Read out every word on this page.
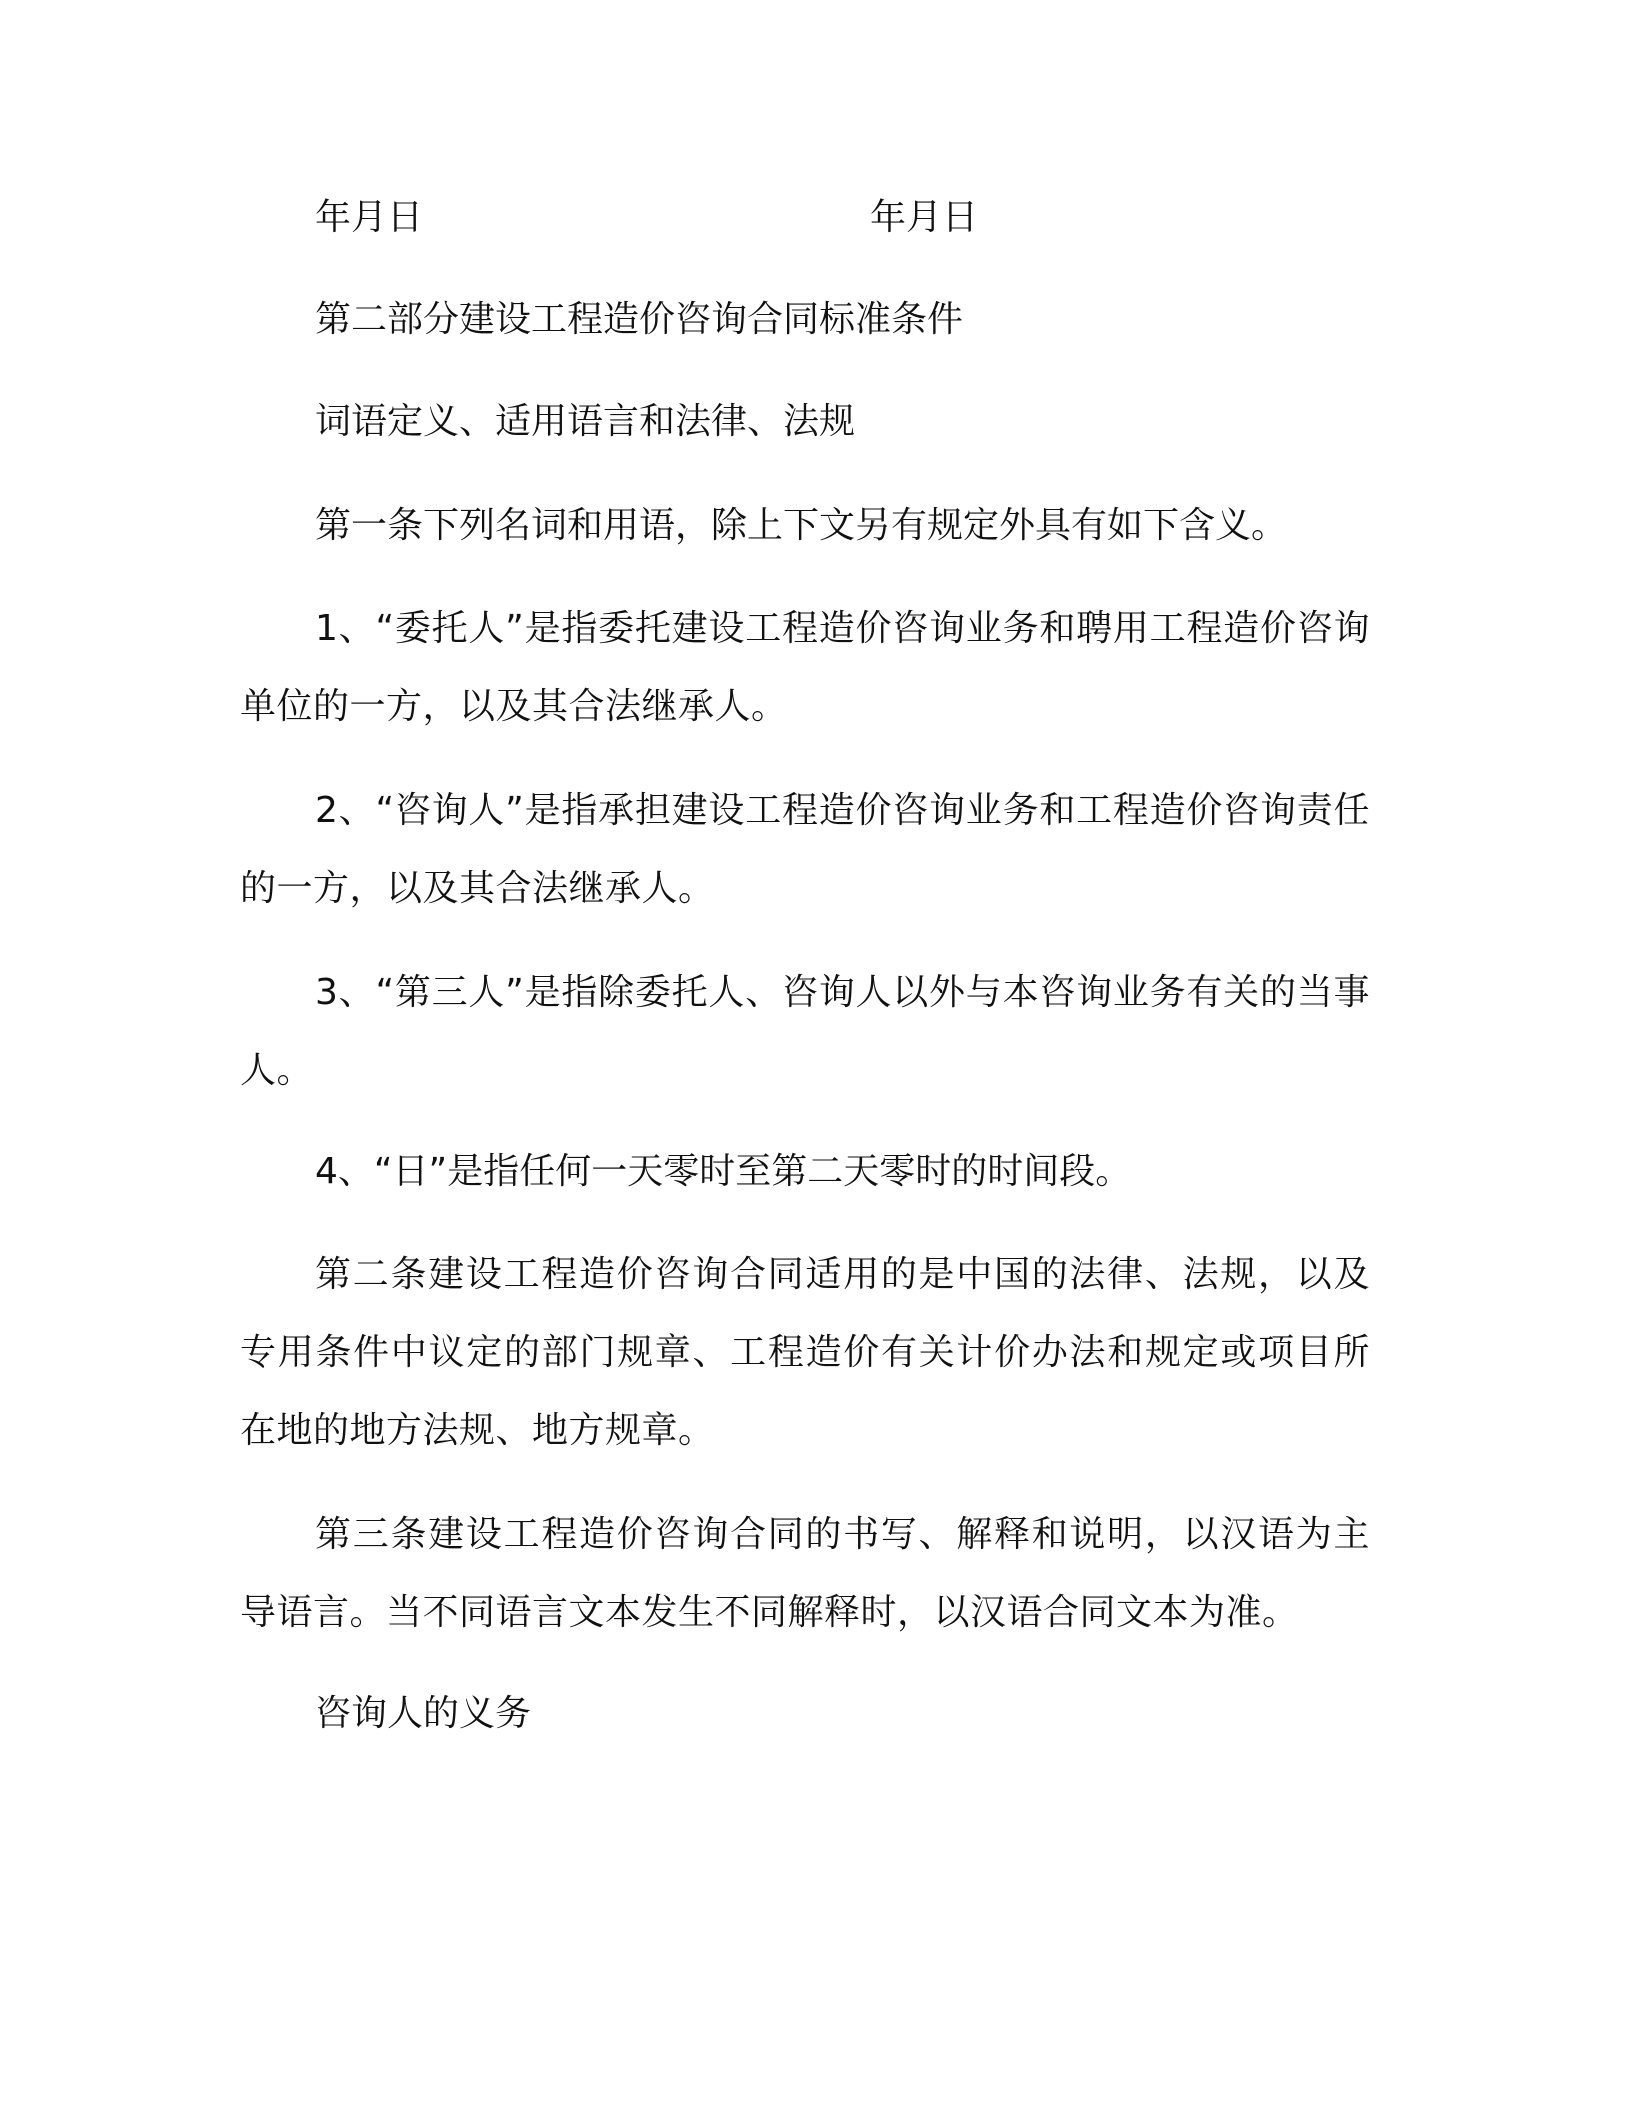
年月日	年月日

第二部分建设工程造价咨询合同标准条件

词语定义、适用语言和法律、法规

第一条下列名词和用语，除上下文另有规定外具有如下含义。

1、“委托人”是指委托建设工程造价咨询业务和聘用工程造价咨询单位的一方，以及其合法继承人。

2、“咨询人”是指承担建设工程造价咨询业务和工程造价咨询责任的一方，以及其合法继承人。

3、“第三人”是指除委托人、咨询人以外与本咨询业务有关的当事人。

4、“日”是指任何一天零时至第二天零时的时间段。

第二条建设工程造价咨询合同适用的是中国的法律、法规，以及专用条件中议定的部门规章、工程造价有关计价办法和规定或项目所在地的地方法规、地方规章。

第三条建设工程造价咨询合同的书写、解释和说明，以汉语为主导语言。当不同语言文本发生不同解释时，以汉语合同文本为准。

咨询人的义务
